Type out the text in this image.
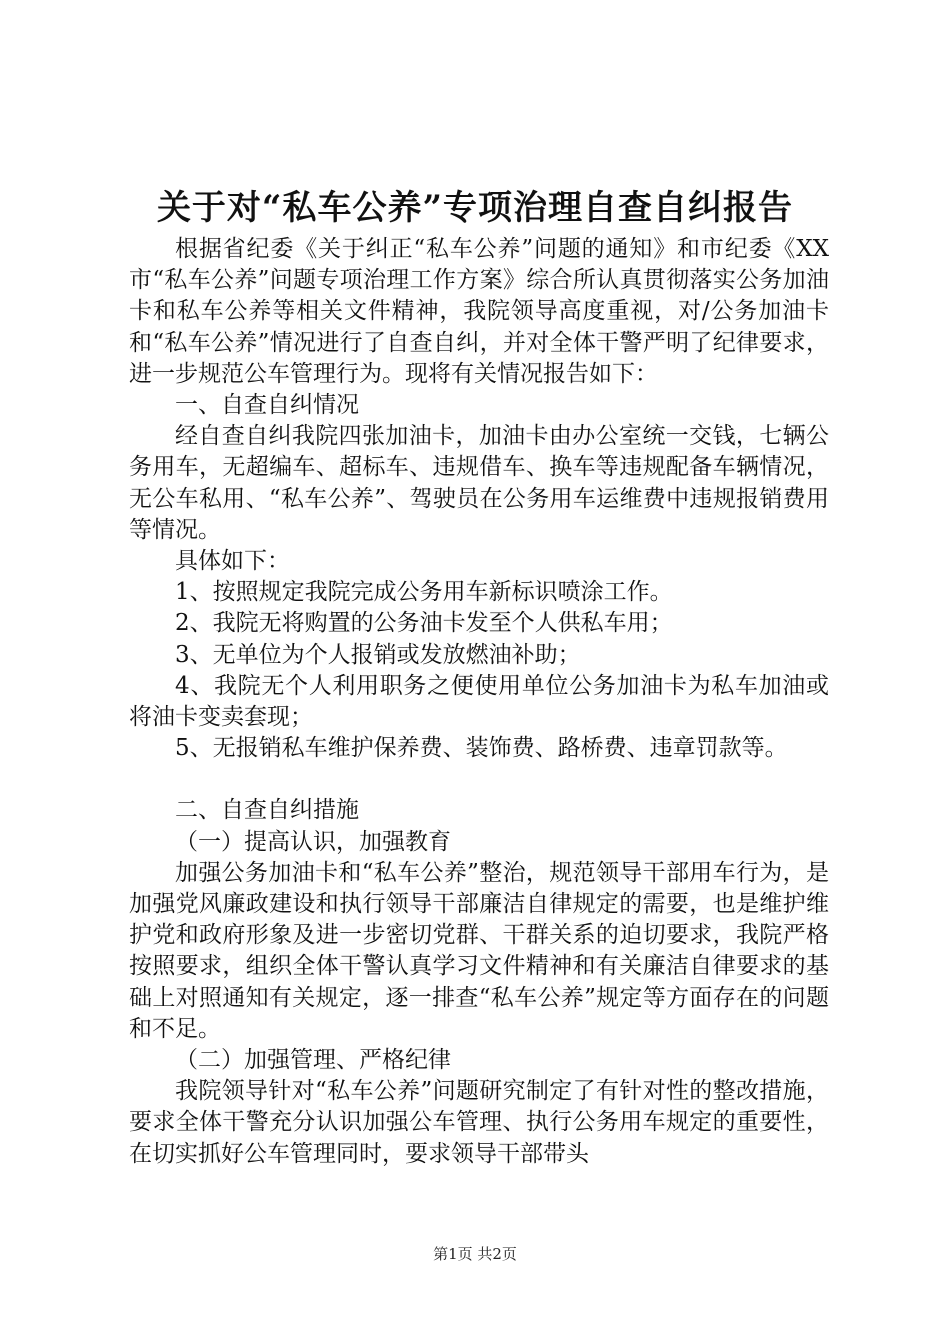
关于对“私车公养”专项治理自查自纠报告

根据省纪委《关于纠正“私车公养”问题的通知》和市纪委《XX市“私车公养”问题专项治理工作方案》综合所认真贯彻落实公务加油卡和私车公养等相关文件精神，我院领导高度重视，对/公务加油卡和“私车公养”情况进行了自查自纠，并对全体干警严明了纪律要求，进一步规范公车管理行为。现将有关情况报告如下：

一、自查自纠情况

经自查自纠我院四张加油卡，加油卡由办公室统一交钱，七辆公务用车，无超编车、超标车、违规借车、换车等违规配备车辆情况，无公车私用、“私车公养”、驾驶员在公务用车运维费中违规报销费用等情况。

具体如下：

1、按照规定我院完成公务用车新标识喷涂工作。

2、我院无将购置的公务油卡发至个人供私车用；

3、无单位为个人报销或发放燃油补助；

4、我院无个人利用职务之便使用单位公务加油卡为私车加油或将油卡变卖套现；

5、无报销私车维护保养费、装饰费、路桥费、违章罚款等。

二、自查自纠措施

（一）提高认识，加强教育

加强公务加油卡和“私车公养”整治，规范领导干部用车行为，是加强党风廉政建设和执行领导干部廉洁自律规定的需要，也是维护维护党和政府形象及进一步密切党群、干群关系的迫切要求，我院严格按照要求，组织全体干警认真学习文件精神和有关廉洁自律要求的基础上对照通知有关规定，逐一排查“私车公养”规定等方面存在的问题和不足。

（二）加强管理、严格纪律

我院领导针对“私车公养”问题研究制定了有针对性的整改措施，要求全体干警充分认识加强公车管理、执行公务用车规定的重要性，在切实抓好公车管理同时，要求领导干部带头

第1页 共2页
